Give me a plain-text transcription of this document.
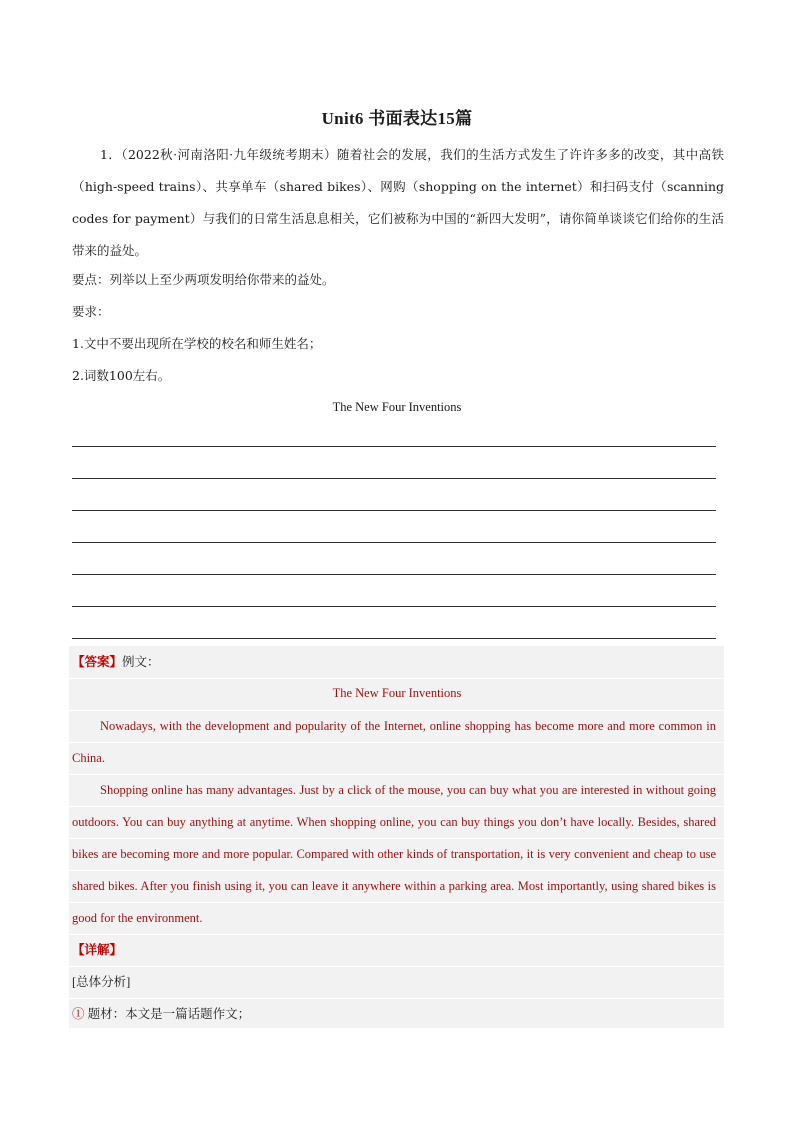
Unit6 书面表达15篇
1．（2022秋·河南洛阳·九年级统考期末）随着社会的发展，我们的生活方式发生了许许多多的改变，其中高铁（high-speed trains）、共享单车（shared bikes）、网购（shopping on the internet）和扫码支付（scanning codes for payment）与我们的日常生活息息相关，它们被称为中国的“新四大发明”，请你简单谈谈它们给你的生活带来的益处。
要点：列举以上至少两项发明给你带来的益处。
要求：
1.文中不要出现所在学校的校名和师生姓名；
2.词数100左右。
The New Four Inventions
【答案】例文：
The New Four Inventions
Nowadays, with the development and popularity of the Internet, online shopping has become more and more common in China.
Shopping online has many advantages. Just by a click of the mouse, you can buy what you are interested in without going outdoors. You can buy anything at anytime. When shopping online, you can buy things you don’t have locally. Besides, shared bikes are becoming more and more popular. Compared with other kinds of transportation, it is very convenient and cheap to use shared bikes. After you finish using it, you can leave it anywhere within a parking area. Most importantly, using shared bikes is good for the environment.
【详解】
[总体分析]
① 题材：本文是一篇话题作文；
